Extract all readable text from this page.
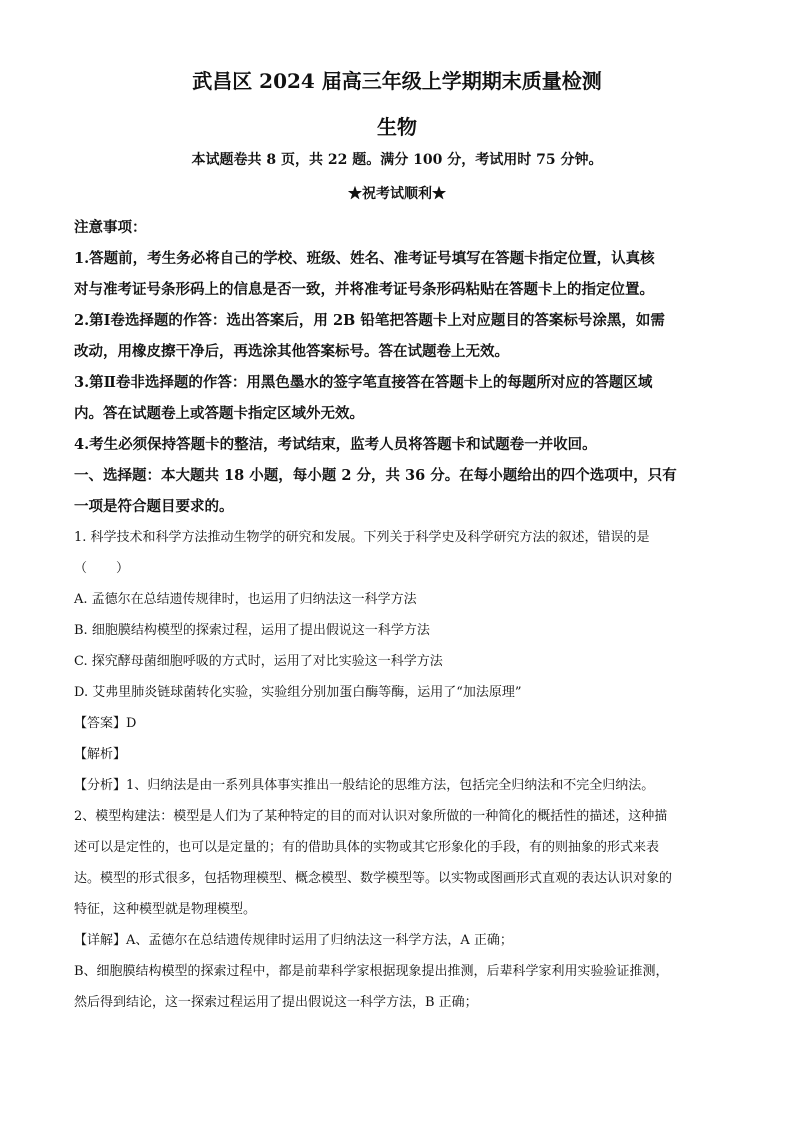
武昌区 2024 届高三年级上学期期末质量检测
生物
本试题卷共 8 页，共 22 题。满分 100 分，考试用时 75 分钟。
★祝考试顺利★

注意事项：

1.答题前，考生务必将自己的学校、班级、姓名、准考证号填写在答题卡指定位置，认真核

对与准考证号条形码上的信息是否一致，并将准考证号条形码粘贴在答题卡上的指定位置。

2.第Ⅰ卷选择题的作答：选出答案后，用 2B 铅笔把答题卡上对应题目的答案标号涂黑，如需

改动，用橡皮擦干净后，再选涂其他答案标号。答在试题卷上无效。

3.第Ⅱ卷非选择题的作答：用黑色墨水的签字笔直接答在答题卡上的每题所对应的答题区域

内。答在试题卷上或答题卡指定区域外无效。

4.考生必须保持答题卡的整洁，考试结束，监考人员将答题卡和试题卷一并收回。

一、选择题：本大题共 18 小题，每小题 2 分，共 36 分。在每小题给出的四个选项中，只有

一项是符合题目要求的。

1. 科学技术和科学方法推动生物学的研究和发展。下列关于科学史及科学研究方法的叙述，错误的是

（　　）

A. 孟德尔在总结遗传规律时，也运用了归纳法这一科学方法

B. 细胞膜结构模型的探索过程，运用了提出假说这一科学方法

C. 探究酵母菌细胞呼吸的方式时，运用了对比实验这一科学方法

D. 艾弗里肺炎链球菌转化实验，实验组分别加蛋白酶等酶，运用了“加法原理”

【答案】D

【解析】

【分析】1、归纳法是由一系列具体事实推出一般结论的思维方法，包括完全归纳法和不完全归纳法。

2、模型构建法：模型是人们为了某种特定的目的而对认识对象所做的一种简化的概括性的描述，这种描

述可以是定性的，也可以是定量的；有的借助具体的实物或其它形象化的手段，有的则抽象的形式来表

达。模型的形式很多，包括物理模型、概念模型、数学模型等。以实物或图画形式直观的表达认识对象的

特征，这种模型就是物理模型。

【详解】A、孟德尔在总结遗传规律时运用了归纳法这一科学方法，A 正确；

B、细胞膜结构模型的探索过程中，都是前辈科学家根据现象提出推测，后辈科学家利用实验验证推测，

然后得到结论，这一探索过程运用了提出假说这一科学方法，B 正确；
